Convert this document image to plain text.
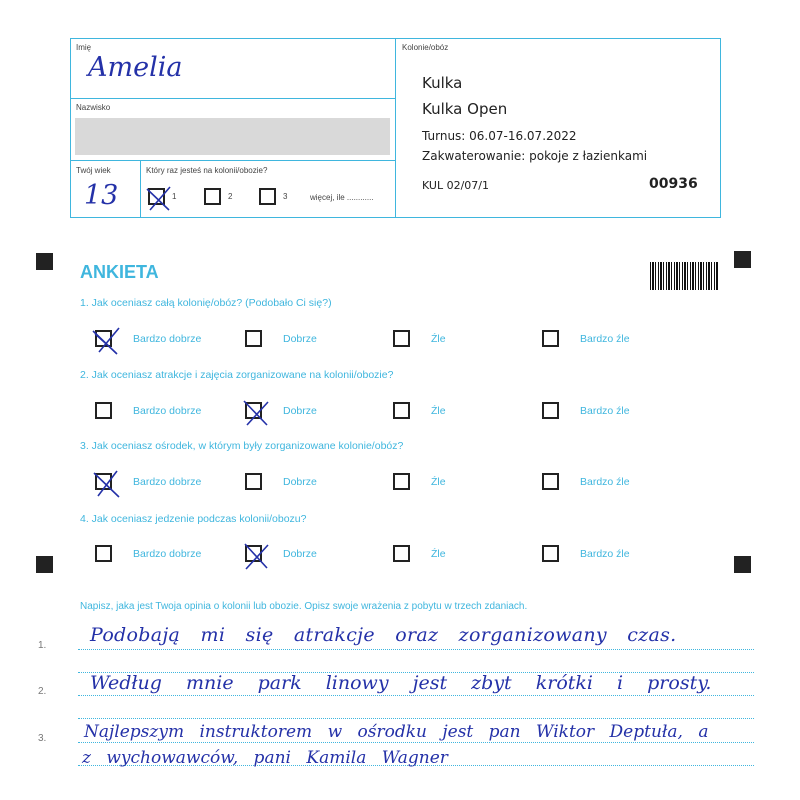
Imię
Amelia
Nazwisko
Twój wiek
13
Który raz jesteś na kolonii/obozie?
1	2	3	więcej, ile ............
Kolonie/obóz
Kulka
Kulka Open
Turnus: 06.07-16.07.2022
Zakwaterowanie: pokoje z łazienkami
KUL 02/07/1	00936
ANKIETA
1. Jak oceniasz całą kolonię/obóz? (Podobało Ci się?)
Bardzo dobrze	Dobrze	Źle	Bardzo źle
2. Jak oceniasz atrakcje i zajęcia zorganizowane na kolonii/obozie?
Bardzo dobrze	Dobrze	Źle	Bardzo źle
3. Jak oceniasz ośrodek, w którym były zorganizowane kolonie/obóz?
Bardzo dobrze	Dobrze	Źle	Bardzo źle
4. Jak oceniasz jedzenie podczas kolonii/obozu?
Bardzo dobrze	Dobrze	Źle	Bardzo źle
Napisz, jaka jest Twoja opinia o kolonii lub obozie. Opisz swoje wrażenia z pobytu w trzech zdaniach.
1.
2.
3.
Podobają mi się atrakcje oraz zorganizowany czas.
Według mnie park linowy jest zbyt krótki i prosty.
Najlepszym instruktorem w ośrodku jest pan Wiktor Deptuła, a
z wychowawców, pani Kamila Wagner
